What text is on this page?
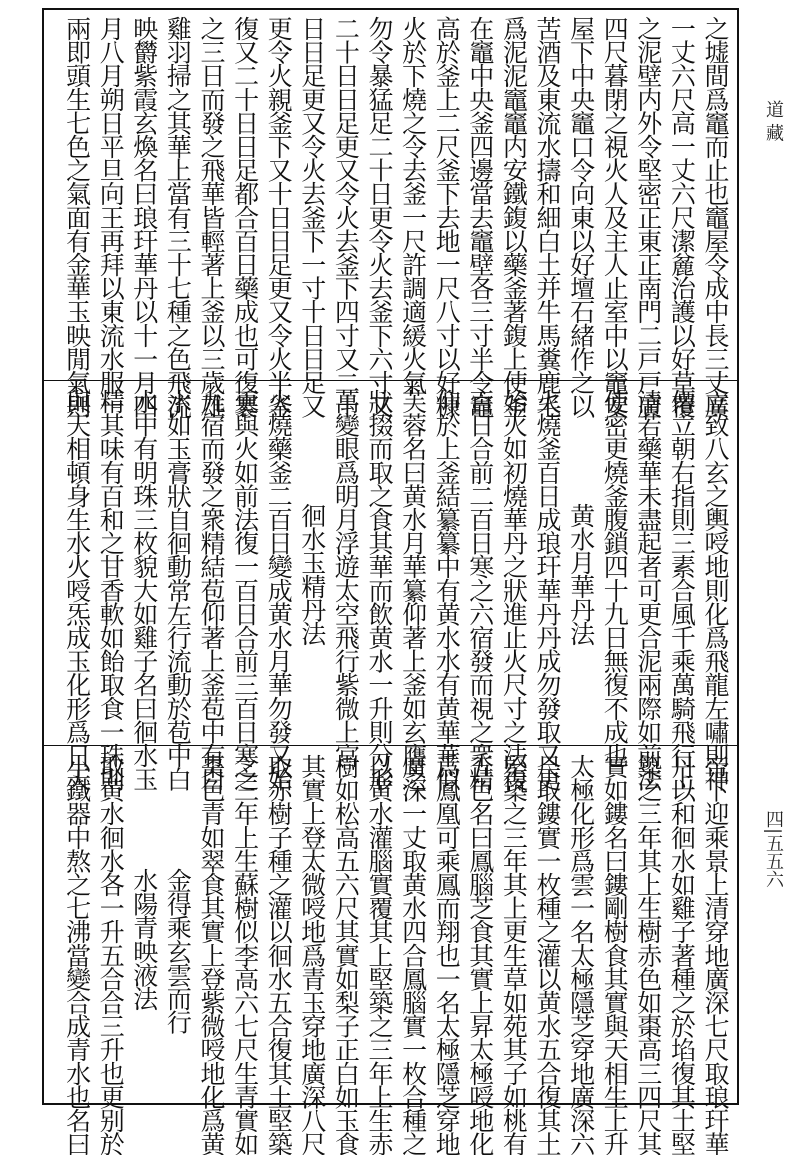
道 藏
四|五五六
之墟間爲竈而止也竈屋令成中長三丈廣
一丈六尺高一丈六尺潔麄治護以好草覆
之泥壁内外令堅密正東正南門二戸戸廣
四尺暮閉之視火人及主人止室中以竈安
屋下中央竈口令向東以好壇石緒作之以
苦酒及東流水擣和細白土并牛馬糞鹿毛
爲泥泥竈竈内安鐵鍑以藥釜著鍑上使釜
在竈中央釜四邊當去竈壁各三寸半令竈
高於釜上二尺釜下去地一尺八寸以好糠
火於下燒之令去釜一尺許調適緩火氣
勿令暴猛足二十日更令火去釜下六寸又
二十日日足更又令火去釜下四寸又二十
日日足更又令火去釜下一寸十日日足又
更令火親釜下又十日日足更又令火半釜
復又二十日日足都合百日藥成也可復褰
之三日而發之飛華皆輕著上釜以三歲雄
雞羽掃之其華上當有三十七種之色飛流
映欝紫霞玄煥名曰琅玕華丹以十一月四
月八月朔日平旦向王再拜以東流水服一
兩即頭生七色之氣面有金華玉映閒氣則
立致八玄之輿㖟地則化爲飛龍左嘯則神
僊立朝右指則三素合風千乘萬騎飛行上
清若藥華未盡起者可更合泥兩際如前法
使密更燒釜腹鎖四十九日無復不成也
黄水月華丹法
火燒釜百日成琅玕華丹丹成勿發取又更
始火如初燒華丹之狀進止火尺寸之法復
百日合前二百日寒之六宿發而視之衆精
仰於上釜結纂纂中有黄水水有黄華華似
芙蓉名曰黄水月華纂仰著上釜如玄膺之
狀掇而取之食其華而飲黄水一升則分形
萬變眼爲明月浮遊太空飛行紫微上宫
徊水玉精丹法
火燒藥釜二百日變成黄水月華勿發又始
更與火如前法復一百日合前三百日寒之
九宿而發之衆精結苞仰著上釜苞中有白
水如玉膏狀自徊動常左行流動於苞中白
水中有明珠三枚貌大如雞子名曰徊水玉
精其味有百和之甘香軟如飴取食一珠則
與天相頓身生水火㖟炁成玉化形爲日天
帝下迎乘景上清穿地廣深七尺取琅玕華
丹以和徊水如雞子著種之於埳復其土堅
築之三年其上生樹赤色如棗高三四尺其
實如鏤名曰鏤剛樹食其實與天相生上升
太極化形爲雲一名太極隱芝穿地廣深六
尺取鏤實一枚種之灌以黄水五合復其土
堅築之三年其上更生草如苑其子如桃有
五色名曰鳳腦芝食其實上昇太極㖟地化
爲鳳凰可乘鳳而翔也一名太極隱芝穿地
廣深一丈取黄水四合鳳腦實一枚合種之
以黄水灌腦實覆其上堅築之三年上生赤
樹如松高五六尺其實如梨子正白如玉食
其實上登太微㖟地爲青玉穿地廣深八尺
取赤樹子種之灌以徊水五合復其土堅築
之三年上生蘇樹似李高六七尺生青實如
棗色青如翠食其實上登紫微㖟地化爲黄
金得乘玄雲而行
水陽青映液法
取黄水徊水各一升五合合三升也更别於
小鐵器中熬之七沸當變合成青水也名曰
